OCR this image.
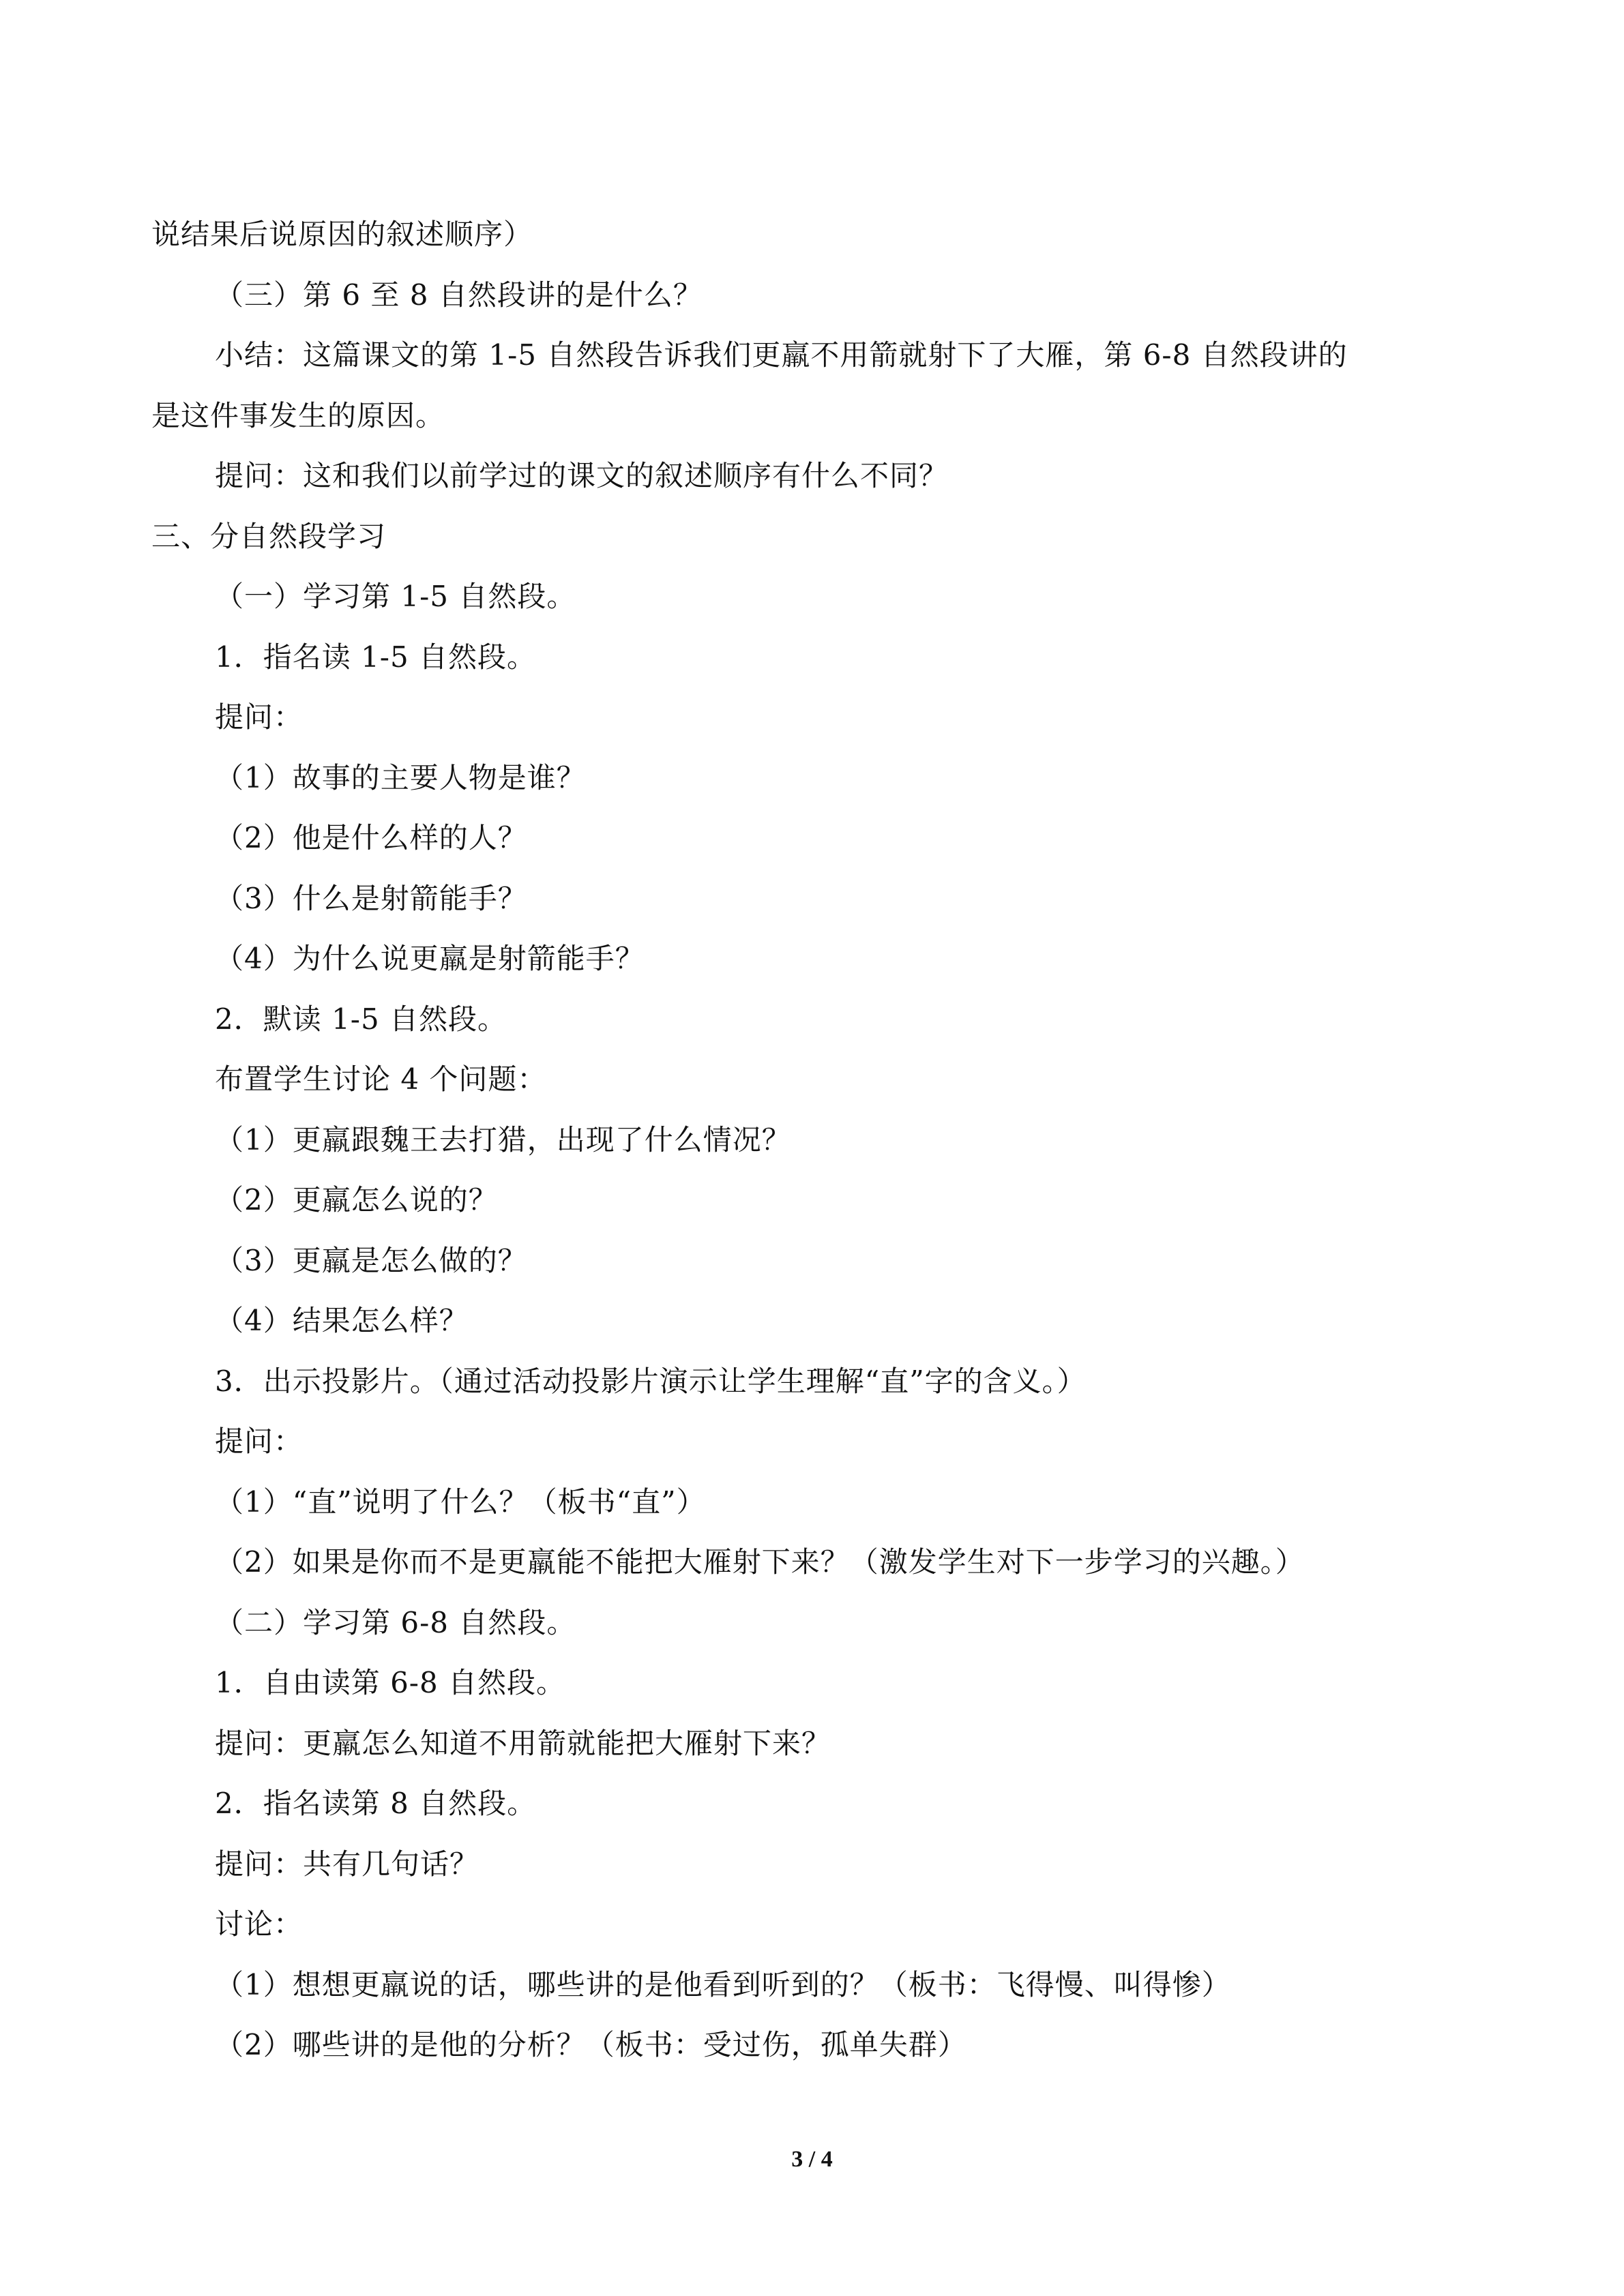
说结果后说原因的叙述顺序）
（三）第 6 至 8 自然段讲的是什么？
小结：这篇课文的第 1-5 自然段告诉我们更羸不用箭就射下了大雁，第 6-8 自然段讲的
是这件事发生的原因。
提问：这和我们以前学过的课文的叙述顺序有什么不同？
三、分自然段学习
（一）学习第 1-5 自然段。
1．指名读 1-5 自然段。
提问：
（1）故事的主要人物是谁？
（2）他是什么样的人？
（3）什么是射箭能手？
（4）为什么说更羸是射箭能手？
2．默读 1-5 自然段。
布置学生讨论 4 个问题：
（1）更羸跟魏王去打猎，出现了什么情况？
（2）更羸怎么说的？
（3）更羸是怎么做的？
（4）结果怎么样？
3．出示投影片。（通过活动投影片演示让学生理解“直”字的含义。）
提问：
（1）“直”说明了什么？（板书“直”）
（2）如果是你而不是更羸能不能把大雁射下来？（激发学生对下一步学习的兴趣。）
（二）学习第 6-8 自然段。
1．自由读第 6-8 自然段。
提问：更羸怎么知道不用箭就能把大雁射下来？
2．指名读第 8 自然段。
提问：共有几句话？
讨论：
（1）想想更羸说的话，哪些讲的是他看到听到的？（板书：飞得慢、叫得惨）
（2）哪些讲的是他的分析？（板书：受过伤，孤单失群）
3 / 4
